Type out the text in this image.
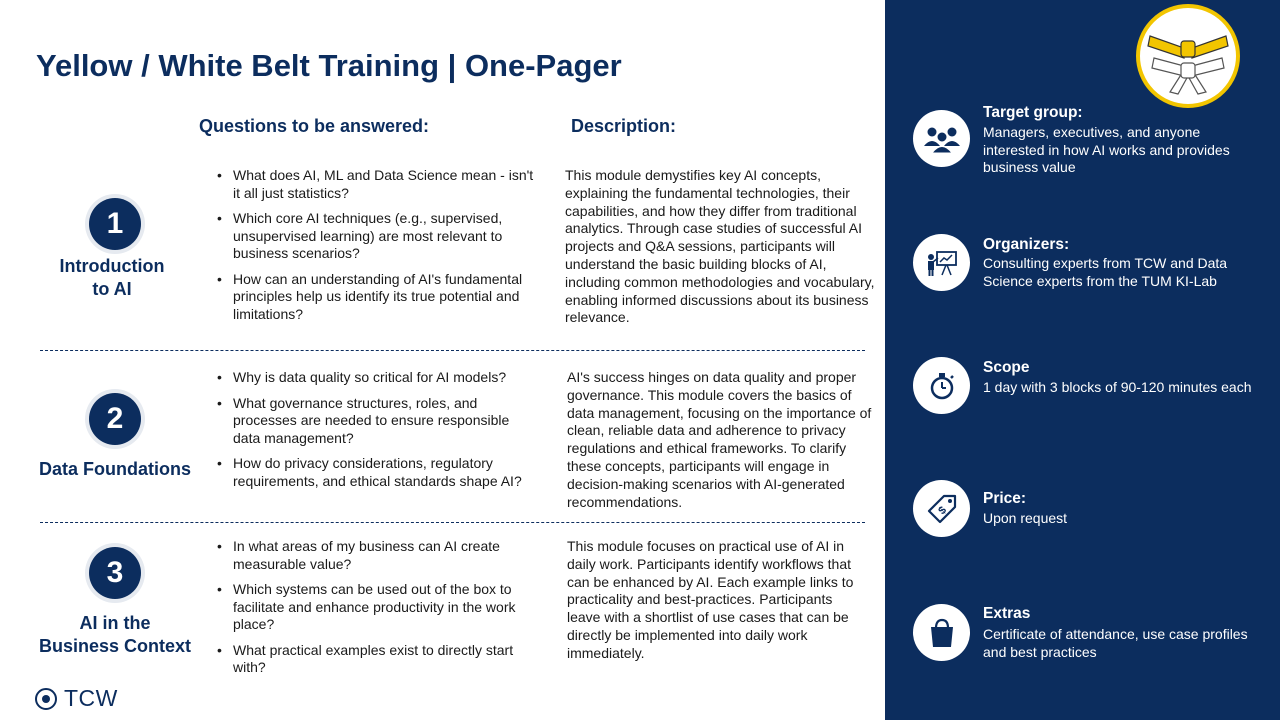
Yellow / White Belt Training | One-Pager
Questions to be answered:	Description:
1
Introduction
to AI
• What does AI, ML and Data Science mean - isn't it all just statistics?
• Which core AI techniques (e.g., supervised, unsupervised learning) are most relevant to business scenarios?
• How can an understanding of AI's fundamental principles help us identify its true potential and limitations?
This module demystifies key AI concepts, explaining the fundamental technologies, their capabilities, and how they differ from traditional analytics. Through case studies of successful AI projects and Q&A sessions, participants will understand the basic building blocks of AI, including common methodologies and vocabulary, enabling informed discussions about its business relevance.
2
Data Foundations
• Why is data quality so critical for AI models?
• What governance structures, roles, and processes are needed to ensure responsible data management?
• How do privacy considerations, regulatory requirements, and ethical standards shape AI?
AI's success hinges on data quality and proper governance. This module covers the basics of data management, focusing on the importance of clean, reliable data and adherence to privacy regulations and ethical frameworks. To clarify these concepts, participants will engage in decision-making scenarios with AI-generated recommendations.
3
AI in the
Business Context
• In what areas of my business can AI create measurable value?
• Which systems can be used out of the box to facilitate and enhance productivity in the work place?
• What practical examples exist to directly start with?
This module focuses on practical use of AI in daily work. Participants identify workflows that can be enhanced by AI. Each example links to practicality and best-practices. Participants leave with a shortlist of use cases that can be directly be implemented into daily work immediately.
TCW
Target group:
Managers, executives, and anyone interested in how AI works and provides business value
Organizers:
Consulting experts from TCW and Data Science experts from the TUM KI-Lab
Scope
1 day with 3 blocks of 90-120 minutes each
$
Price:
Upon request
Extras
Certificate of attendance, use case profiles and best practices
